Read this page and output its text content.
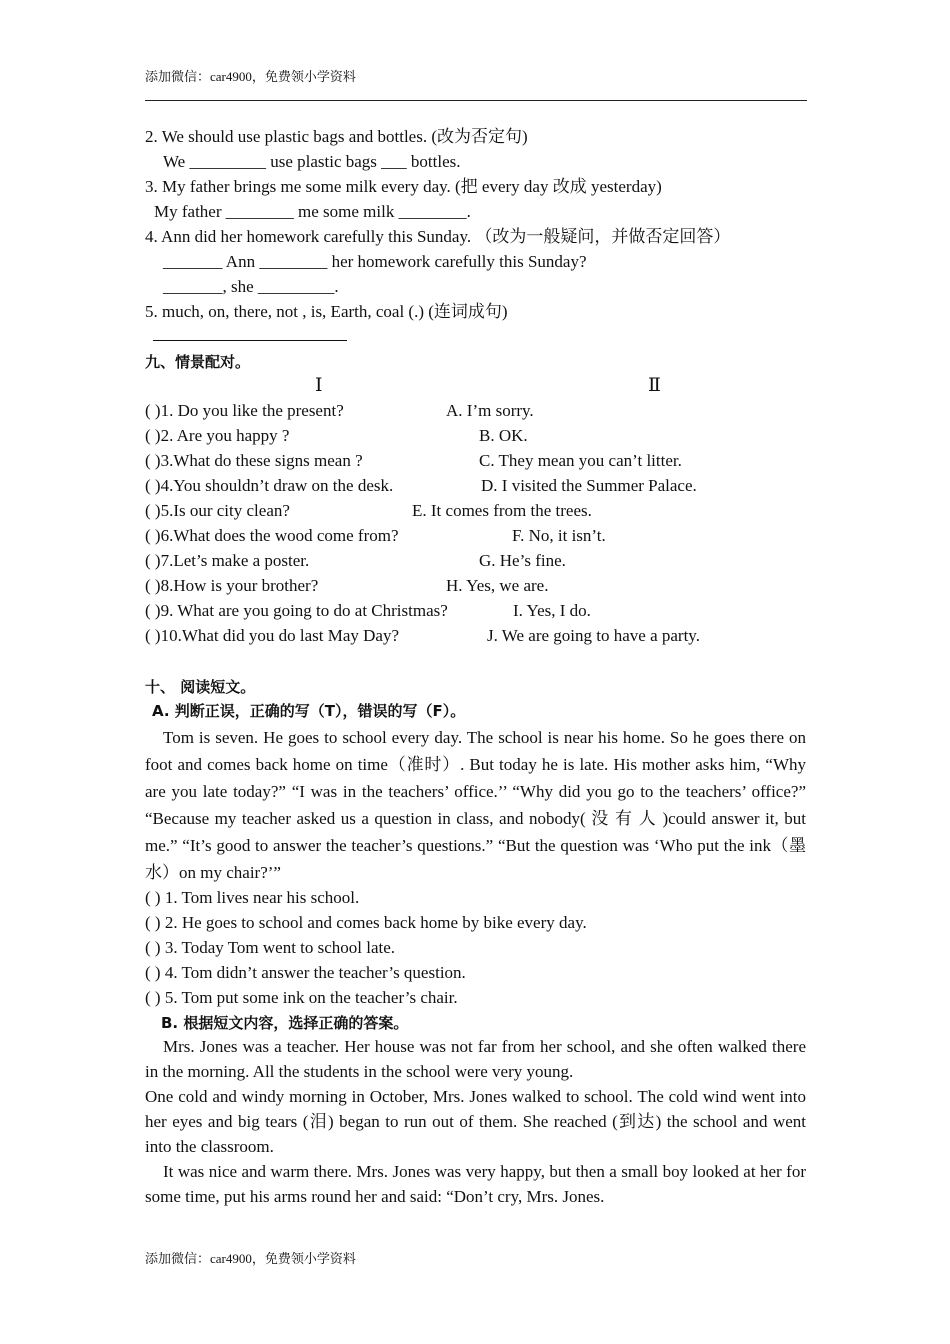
添加微信：car4900，免费领小学资料
2. We should use plastic bags and bottles. (改为否定句)
We _________ use plastic bags ___ bottles.
3. My father brings me some milk every day. (把 every day 改成 yesterday)
My father ________ me some milk ________.
4. Ann did her homework carefully this Sunday. （改为一般疑问，并做否定回答）
_______ Ann ________ her homework carefully this Sunday?
_______, she _________.
5. much, on, there, not , is, Earth, coal (.) (连词成句)
九、情景配对。
Ⅰ	Ⅱ
( )1. Do you like the present?	A. I’m sorry.
( )2. Are you happy ?	B. OK.
( )3.What do these signs mean ?	C. They mean you can’t litter.
( )4.You shouldn’t draw on the desk.	D. I visited the Summer Palace.
( )5.Is our city clean?	E. It comes from the trees.
( )6.What does the wood come from?	F. No, it isn’t.
( )7.Let’s make a poster.	G. He’s fine.
( )8.How is your brother?	H. Yes, we are.
( )9. What are you going to do at Christmas?	I. Yes, I do.
( )10.What did you do last May Day?	J. We are going to have a party.
十、 阅读短文。
A. 判断正误，正确的写（T），错误的写（F）。
Tom is seven. He goes to school every day. The school is near his home. So he goes there on foot and comes back home on time（准时）. But today he is late. His mother asks him, “Why are you late today?” “I was in the teachers’ office.’’ “Why did you go to the teachers’ office?” “Because my teacher asked us a question in class, and nobody( 没 有 人 )could answer it, but me.” “It’s good to answer the teacher’s questions.” “But the question was ‘Who put the ink（墨水）on my chair?’”
( ) 1. Tom lives near his school.
( ) 2. He goes to school and comes back home by bike every day.
( ) 3. Today Tom went to school late.
( ) 4. Tom didn’t answer the teacher’s question.
( ) 5. Tom put some ink on the teacher’s chair.
B. 根据短文内容，选择正确的答案。
Mrs. Jones was a teacher. Her house was not far from her school, and she often walked there in the morning. All the students in the school were very young.
One cold and windy morning in October, Mrs. Jones walked to school. The cold wind went into her eyes and big tears (泪) began to run out of them. She reached (到达) the school and went into the classroom.
It was nice and warm there. Mrs. Jones was very happy, but then a small boy looked at her for some time, put his arms round her and said: “Don’t cry, Mrs. Jones.
添加微信：car4900，免费领小学资料
